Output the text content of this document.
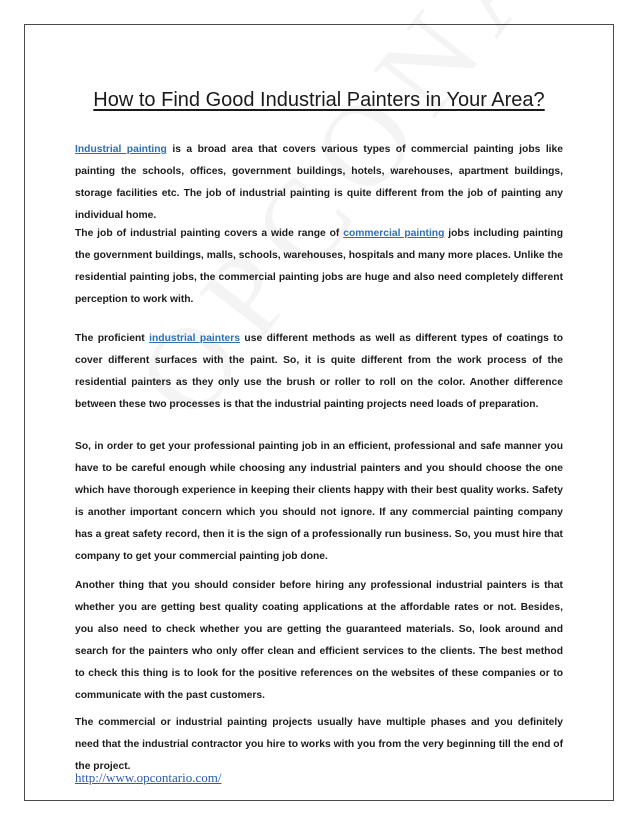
How to Find Good Industrial Painters in Your Area?

Industrial painting is a broad area that covers various types of commercial painting jobs like painting the schools, offices, government buildings, hotels, warehouses, apartment buildings, storage facilities etc. The job of industrial painting is quite different from the job of painting any individual home.

The job of industrial painting covers a wide range of commercial painting jobs including painting the government buildings, malls, schools, warehouses, hospitals and many more places. Unlike the residential painting jobs, the commercial painting jobs are huge and also need completely different perception to work with.

The proficient industrial painters use different methods as well as different types of coatings to cover different surfaces with the paint. So, it is quite different from the work process of the residential painters as they only use the brush or roller to roll on the color. Another difference between these two processes is that the industrial painting projects need loads of preparation.

So, in order to get your professional painting job in an efficient, professional and safe manner you have to be careful enough while choosing any industrial painters and you should choose the one which have thorough experience in keeping their clients happy with their best quality works. Safety is another important concern which you should not ignore. If any commercial painting company has a great safety record, then it is the sign of a professionally run business. So, you must hire that company to get your commercial painting job done.

Another thing that you should consider before hiring any professional industrial painters is that whether you are getting best quality coating applications at the affordable rates or not. Besides, you also need to check whether you are getting the guaranteed materials. So, look around and search for the painters who only offer clean and efficient services to the clients. The best method to check this thing is to look for the positive references on the websites of these companies or to communicate with the past customers.

The commercial or industrial painting projects usually have multiple phases and you definitely need that the industrial contractor you hire to works with you from the very beginning till the end of the project.

http://www.opcontario.com/
